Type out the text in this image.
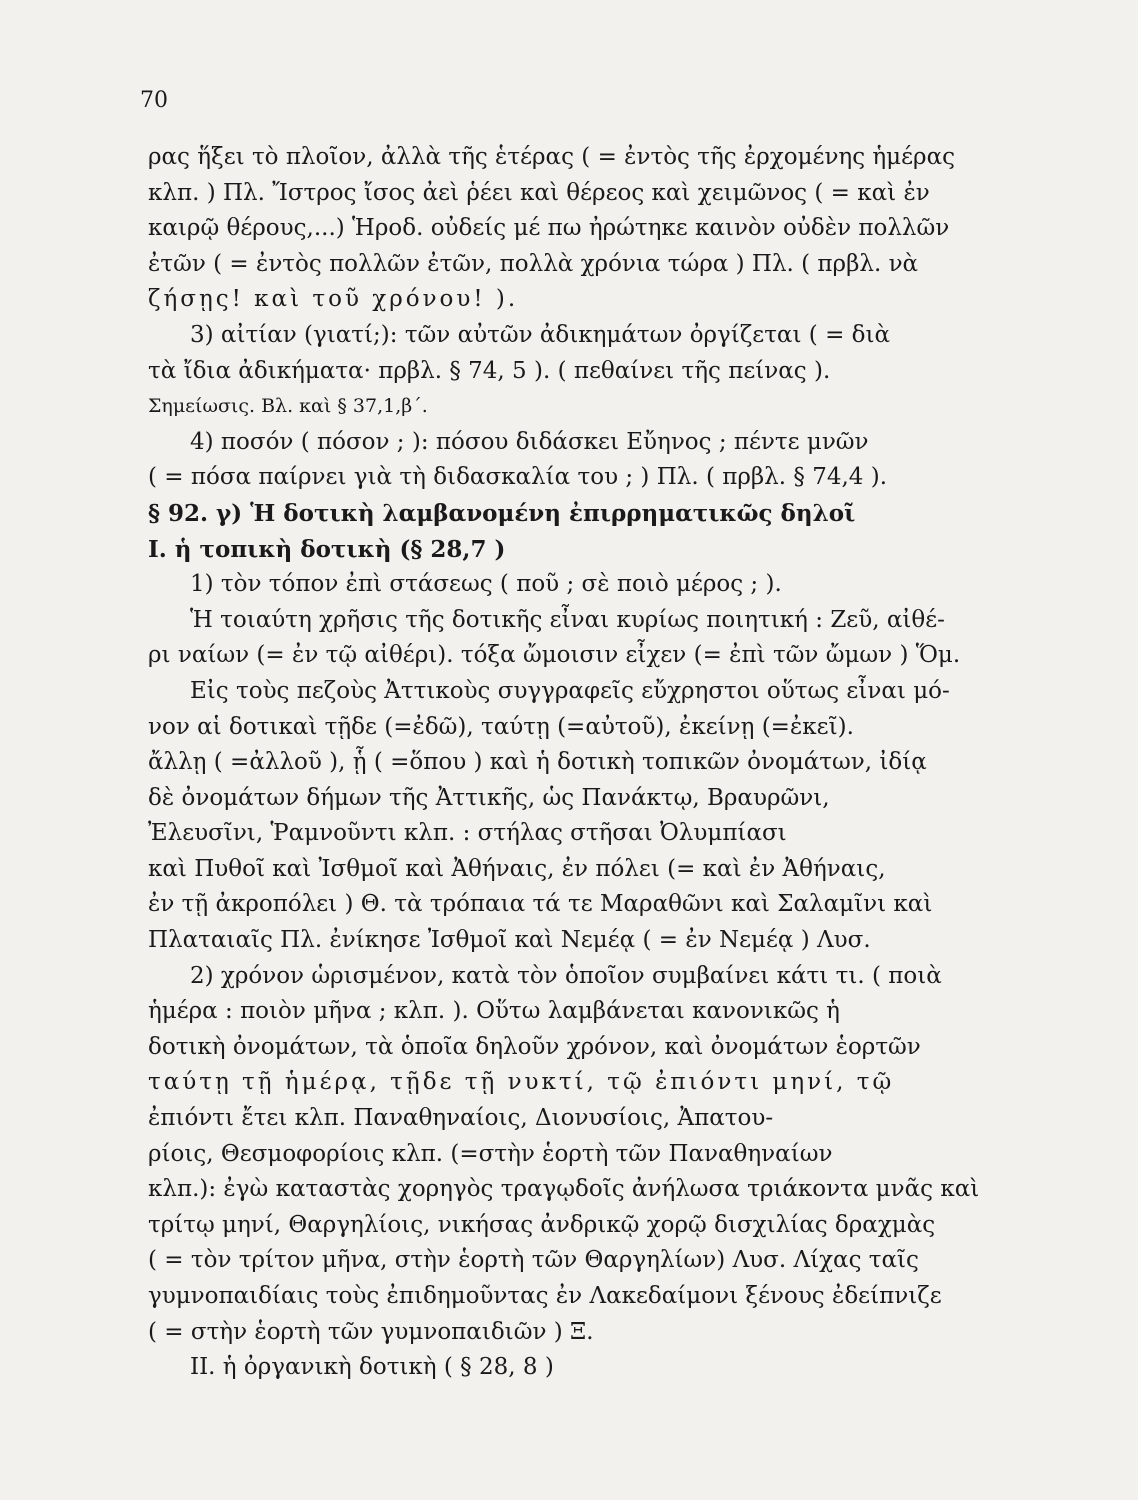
70
ρας ἥξει τὸ πλοῖον, ἀλλὰ τῆς ἑτέρας ( = ἐντὸς τῆς ἐρχομένης ἡμέρας
κλπ. ) Πλ. Ἴστρος ἴσος ἀεὶ ῥέει καὶ θέρεος καὶ χειμῶνος ( = καὶ ἐν
καιρῷ θέρους,...) Ἡροδ. οὐδείς μέ πω ἠρώτηκε καινὸν οὐδὲν πολλῶν
ἐτῶν ( = ἐντὸς πολλῶν ἐτῶν, πολλὰ χρόνια τώρα ) Πλ. ( πρβλ. νὰ
ζήσῃς! καὶ τοῦ χρόνου! ).
3) αἰτίαν (γιατί;): τῶν αὐτῶν ἀδικημάτων ὀργίζεται ( = διὰ
τὰ ἴδια ἀδικήματα· πρβλ. § 74, 5 ). ( πεθαίνει τῆς πείνας ).
Σημείωσις. Βλ. καὶ § 37,1,β΄.
4) ποσόν ( πόσον ; ): πόσου διδάσκει Εὔηνος ; πέντε μνῶν
( = πόσα παίρνει γιὰ τὴ διδασκαλία του ; ) Πλ. ( πρβλ. § 74,4 ).
§ 92. γ) Ἡ δοτικὴ λαμβανομένη ἐπιρρηματικῶς δηλοῖ
Ι. ἡ τοπικὴ δοτικὴ (§ 28,7 )
1) τὸν τόπον ἐπὶ στάσεως ( ποῦ ; σὲ ποιὸ μέρος ; ).
Ἡ τοιαύτη χρῆσις τῆς δοτικῆς εἶναι κυρίως ποιητική : Ζεῦ, αἰθέ-
ρι ναίων (= ἐν τῷ αἰθέρι). τόξα ὤμοισιν εἶχεν (= ἐπὶ τῶν ὤμων ) Ὅμ.
Εἰς τοὺς πεζοὺς Ἀττικοὺς συγγραφεῖς εὔχρηστοι οὕτως εἶναι μό-
νον αἱ δοτικαὶ τῇδε (=ἐδῶ), ταύτῃ (=αὐτοῦ), ἐκείνῃ (=ἐκεῖ).
ἄλλῃ ( =ἀλλοῦ ), ᾗ ( =ὅπου ) καὶ ἡ δοτικὴ τοπικῶν ὀνομάτων, ἰδίᾳ
δὲ ὀνομάτων δήμων τῆς Ἀττικῆς, ὡς Πανάκτῳ, Βραυρῶνι,
Ἐλευσῖνι, Ῥαμνοῦντι κλπ. : στήλας στῆσαι Ὀλυμπίασι
καὶ Πυθοῖ καὶ Ἰσθμοῖ καὶ Ἀθήναις, ἐν πόλει (= καὶ ἐν Ἀθήναις,
ἐν τῇ ἀκροπόλει ) Θ. τὰ τρόπαια τά τε Μαραθῶνι καὶ Σαλαμῖνι καὶ
Πλαταιαῖς Πλ. ἐνίκησε Ἰσθμοῖ καὶ Νεμέᾳ ( = ἐν Νεμέᾳ ) Λυσ.
2) χρόνον ὡρισμένον, κατὰ τὸν ὁποῖον συμβαίνει κάτι τι. ( ποιὰ
ἡμέρα : ποιὸν μῆνα ; κλπ. ). Οὕτω λαμβάνεται κανονικῶς ἡ
δοτικὴ ὀνομάτων, τὰ ὁποῖα δηλοῦν χρόνον, καὶ ὀνομάτων ἑορτῶν
ταύτῃ τῇ ἡμέρᾳ, τῇδε τῇ νυκτί, τῷ ἐπιόντι μηνί, τῷ
ἐπιόντι ἔτει κλπ. Παναθηναίοις, Διονυσίοις, Ἀπατου-
ρίοις, Θεσμοφορίοις κλπ. (=στὴν ἑορτὴ τῶν Παναθηναίων
κλπ.): ἐγὼ καταστὰς χορηγὸς τραγῳδοῖς ἀνήλωσα τριάκοντα μνᾶς καὶ
τρίτῳ μηνί, Θαργηλίοις, νικήσας ἀνδρικῷ χορῷ δισχιλίας δραχμὰς
( = τὸν τρίτον μῆνα, στὴν ἑορτὴ τῶν Θαργηλίων) Λυσ. Λίχας ταῖς
γυμνοπαιδίαις τοὺς ἐπιδημοῦντας ἐν Λακεδαίμονι ξένους ἐδείπνιζε
( = στὴν ἑορτὴ τῶν γυμνοπαιδιῶν ) Ξ.
ΙΙ. ἡ ὀργανικὴ δοτικὴ ( § 28, 8 )
